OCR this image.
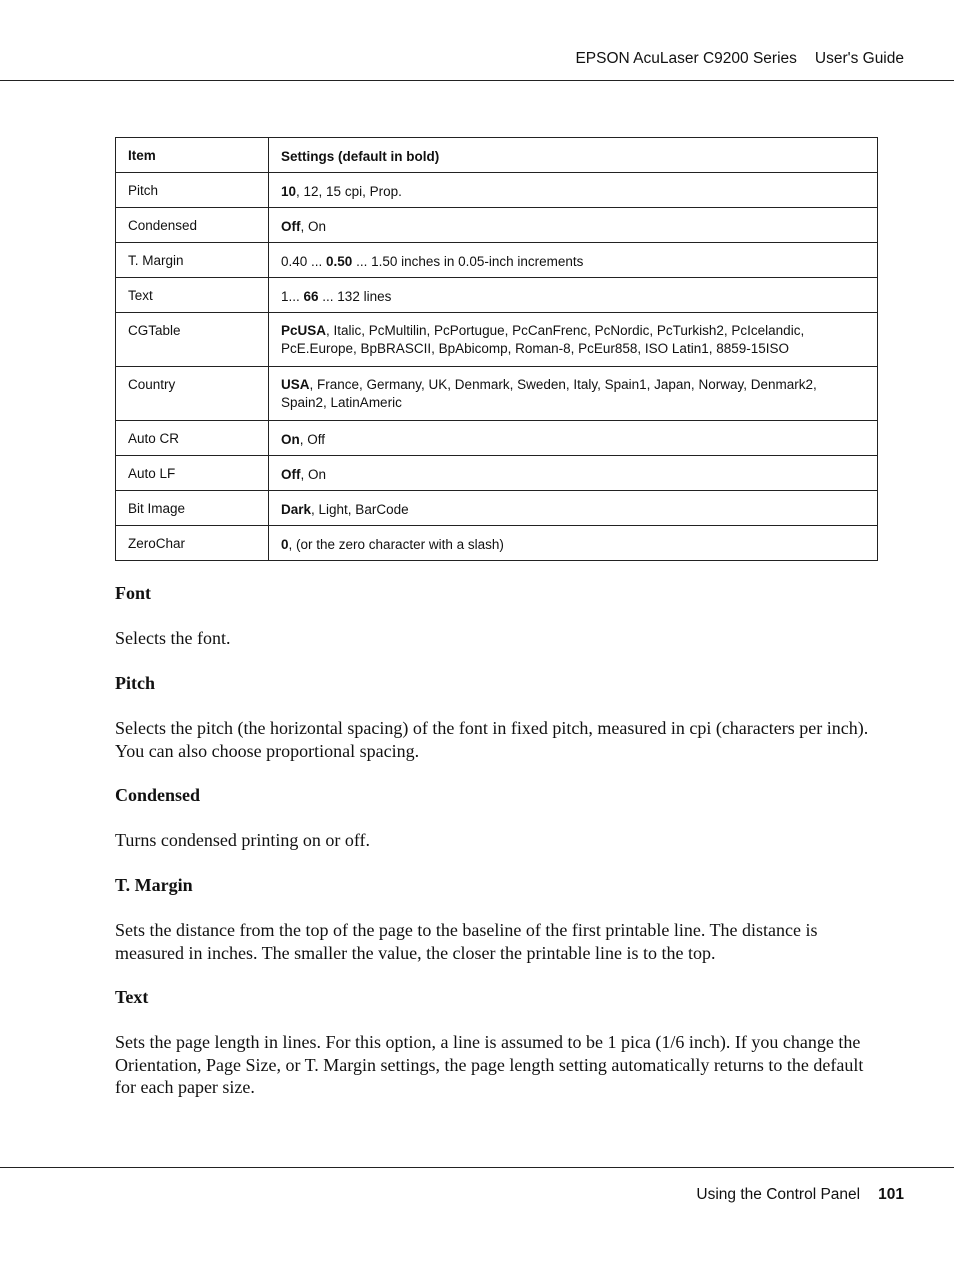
EPSON AcuLaser C9200 Series User's Guide
Item	Settings (default in bold)
Pitch	10, 12, 15 cpi, Prop.
Condensed	Off, On
T. Margin	0.40 ... 0.50 ... 1.50 inches in 0.05-inch increments
Text	1... 66 ... 132 lines
CGTable	PcUSA, Italic, PcMultilin, PcPortugue, PcCanFrenc, PcNordic, PcTurkish2, PcIcelandic, PcE.Europe, BpBRASCII, BpAbicomp, Roman-8, PcEur858, ISO Latin1, 8859-15ISO
Country	USA, France, Germany, UK, Denmark, Sweden, Italy, Spain1, Japan, Norway, Denmark2, Spain2, LatinAmeric
Auto CR	On, Off
Auto LF	Off, On
Bit Image	Dark, Light, BarCode
ZeroChar	0, (or the zero character with a slash)
Font
Selects the font.
Pitch
Selects the pitch (the horizontal spacing) of the font in fixed pitch, measured in cpi (characters per inch). You can also choose proportional spacing.
Condensed
Turns condensed printing on or off.
T. Margin
Sets the distance from the top of the page to the baseline of the first printable line. The distance is measured in inches. The smaller the value, the closer the printable line is to the top.
Text
Sets the page length in lines. For this option, a line is assumed to be 1 pica (1/6 inch). If you change the Orientation, Page Size, or T. Margin settings, the page length setting automatically returns to the default for each paper size.
Using the Control Panel 101
